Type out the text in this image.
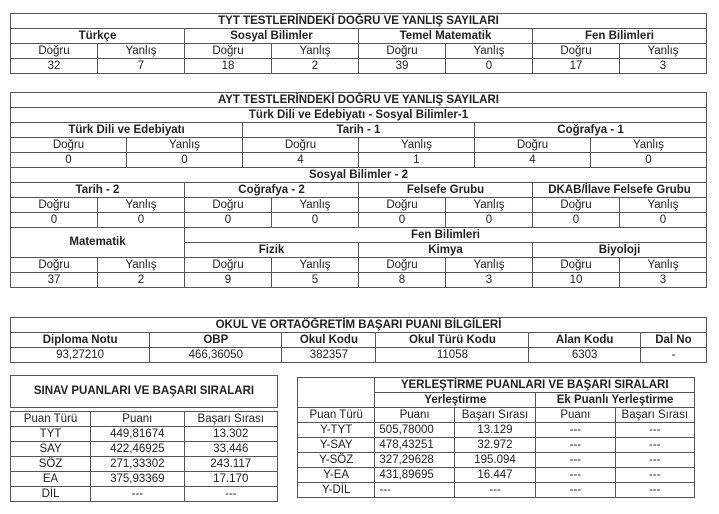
TYT TESTLERİNDEKİ DOĞRU VE YANLIŞ SAYILARI							
Türkçe		Sosyal Bilimler		Temel Matematik		Fen Bilimleri	
Doğru	Yanlış	Doğru	Yanlış	Doğru	Yanlış	Doğru	Yanlış
32	7	18	2	39	0	17	3
AYT TESTLERİNDEKİ DOĞRU VE YANLIŞ SAYILARI											
Türk Dili ve Edebiyatı - Sosyal Bilimler-1											
Türk Dili ve Edebiyatı				Tarih - 1				Coğrafya - 1			
Doğru		Yanlış		Doğru		Yanlış		Doğru		Yanlış	
0		0		4		1		4		0	
Sosyal Bilimler - 2											
Tarih - 2			Coğrafya - 2			Felsefe Grubu			DKAB/İlave Felsefe Grubu		
Doğru	Yanlış		Doğru		Yanlış	Doğru	Yanlış		Doğru		Yanlış
0	0		0		0	0	0		0		0
Matematik			Fen Bilimleri								
			Fizik			Kimya			Biyoloji		
Doğru	Yanlış		Doğru		Yanlış	Doğru	Yanlış		Doğru		Yanlış
37	2		9		5	8	3		10		3
OKUL VE ORTAÖĞRETİM BAŞARI PUANI BİLGİLERİ					
Diploma Notu	OBP	Okul Kodu	Okul Türü Kodu	Alan Kodu	Dal No
93,27210	466,36050	382357	11058	6303	-
SINAV PUANLARI VE BAŞARI SIRALARI		

Puan Türü	Puanı	Başarı Sırası
TYT	449,81674	13.302
SAY	422,46925	33.446
SÖZ	271,33302	243.117
EA	375,93369	17.170
DİL	---	---
	YERLEŞTİRME PUANLARI VE BAŞARI SIRALARI			
	Yerleştirme		Ek Puanlı Yerleştirme	
Puan Türü	Puanı	Başarı Sırası	Puanı	Başarı Sırası
Y-TYT	505,78000	13.129	---	---
Y-SAY	478,43251	32.972	---	---
Y-SÖZ	327,29628	195.094	---	---
Y-EA	431,89695	16.447	---	---
Y-DİL	---	---	---	---
